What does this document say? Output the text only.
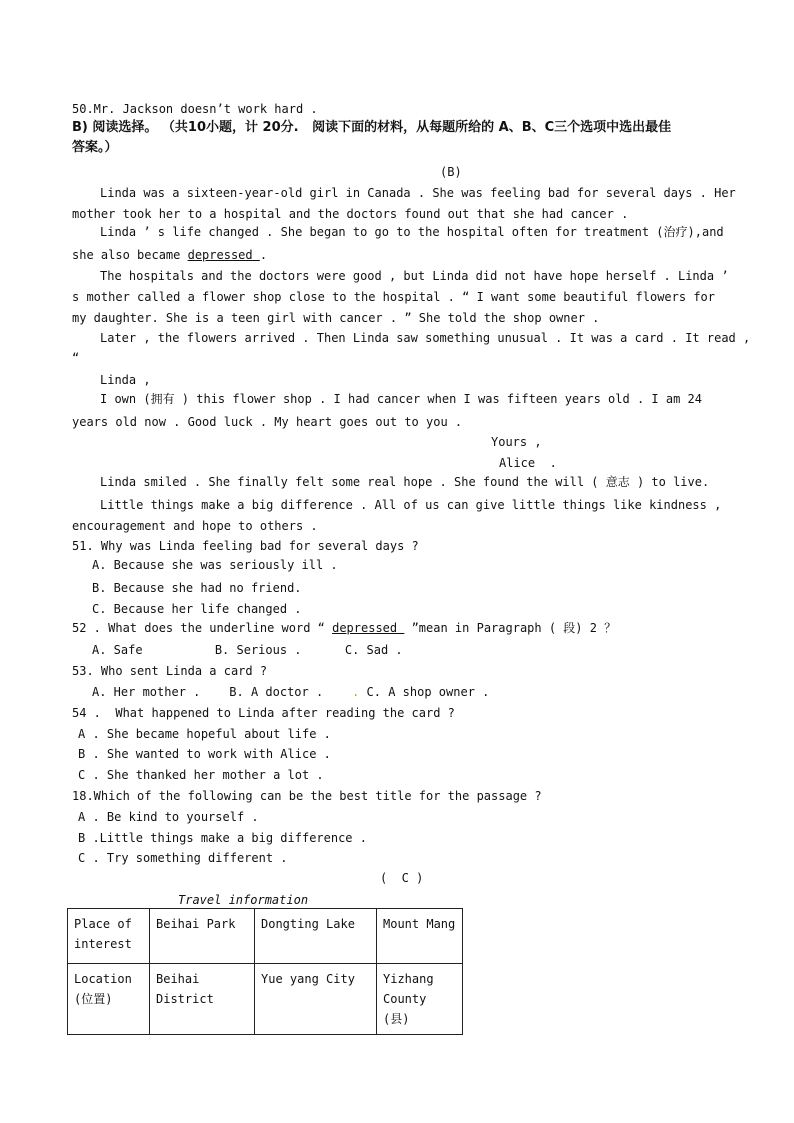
50.Mr. Jackson doesn’t work hard .
B) 阅读选择。 （共10小题，计 20分.   阅读下面的材料，从每题所给的 A、B、C三个选项中选出最佳
答案。）
(B)
Linda was a sixteen-year-old girl in Canada . She was feeling bad for several days . Her
mother took her to a hospital and the doctors found out that she had cancer .
Linda ’ s life changed . She began to go to the hospital often for treatment (治疗),and
she also became depressed .
The hospitals and the doctors were good , but Linda did not have hope herself . Linda ’
s mother called a flower shop close to the hospital . “ I want some beautiful flowers for
my daughter. She is a teen girl with cancer . ” She told the shop owner .
Later , the flowers arrived . Then Linda saw something unusual . It was a card . It read ,
“
Linda ,
I own (拥有 ) this flower shop . I had cancer when I was fifteen years old . I am 24
years old now . Good luck . My heart goes out to you .
Yours ,
Alice  .
Linda smiled . She finally felt some real hope . She found the will ( 意志 ) to live.
Little things make a big difference . All of us can give little things like kindness ,
encouragement and hope to others .
51. Why was Linda feeling bad for several days ?
A. Because she was seriously ill .
B. Because she had no friend.
C. Because her life changed .
52 . What does the underline word “ depressed  ”mean in Paragraph ( 段) 2 ？
A. Safe          B. Serious .      C. Sad .
53. Who sent Linda a card ?
A. Her mother .    B. A doctor .    . C. A shop owner .
54 .  What happened to Linda after reading the card ?
A . She became hopeful about life .
B . She wanted to work with Alice .
C . She thanked her mother a lot .
18.Which of the following can be the best title for the passage ?
A . Be kind to yourself .
B .Little things make a big difference .
C . Try something different .
(  C )
Travel information
Place of interest	Beihai Park	Dongting Lake	Mount Mang
Location (位置)	Beihai District	Yue yang City	Yizhang County (县)
